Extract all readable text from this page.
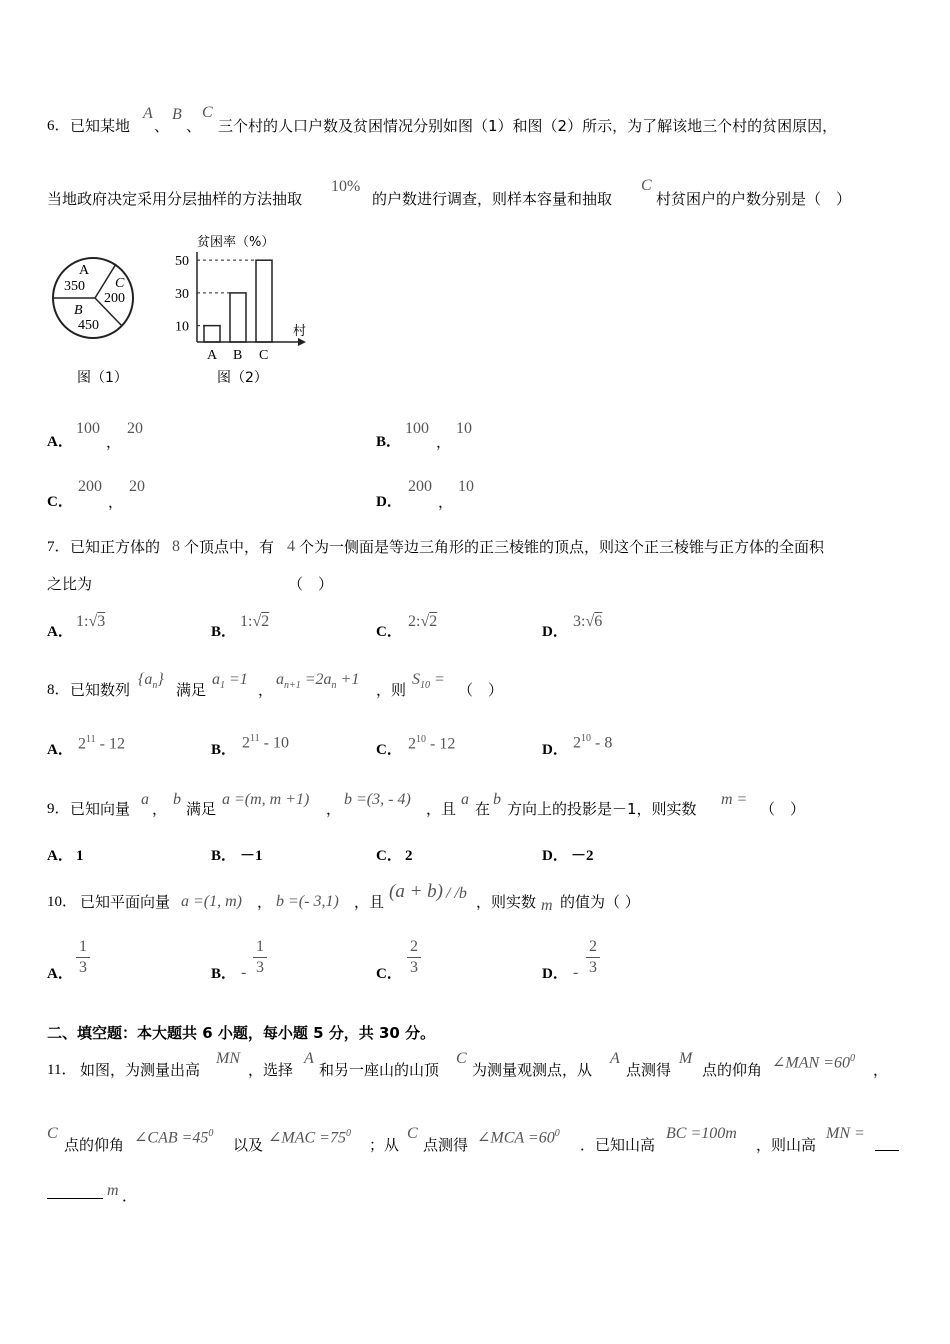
6． 已知某地
A
、
B
、
C
三个村的人口户数及贫困情况分别如图（1）和图（2）所示，为了解该地三个村的贫困原因，
当地政府决定采用分层抽样的方法抽取
10%
的户数进行调查，则样本容量和抽取
C
村贫困户的户数分别是（　）
A
350 C
200
B
450
图（1）
贫困率（%）
村
A B C
10
30
50
图（2）
A．
100
，
20
B．
100
，
10
C．
200
，
20
D．
200
，
10
7． 已知正方体的 8 个顶点中，有 4 个为一侧面是等边三角形的正三棱锥的顶点，则这个正三棱锥与正方体的全面积
之比为	（　）
A．
1:√3
B．
1:√2
C．
2:√2
D．
3:√6
8． 已知数列
$\{a_n\}$
满足
$a_1 =1$
，
$a_{n+1} =2a_n +1$
，则
$S_{10}$ =
（　）
A． $2^{11} - 12$	B． $2^{11} - 10$	C． $2^{10} - 12$	D． $2^{10} - 8$
9． 已知向量
a
，
b
满足
a =(m, m +1)
，
b =(3, - 4)
，且
a
在
b
方向上的投影是－1，则实数
m =
（　）
A． 1	B． －1	C． 2	D． －2
10． 已知平面向量 a =(1, m) ， b =(- 3,1) ，且 (a + b) / /b ，则实数 m 的值为（ ）
A．
1
3	B． -
1
3	C．
2
3	D． -
2
3
二、填空题：本大题共 6 小题，每小题 5 分，共 30 分。
11． 如图，为测量出高
MN
，选择
A
和另一座山的山顶
C
为测量观测点，从
A
点测得
M
点的仰角 ∠MAN $=60^0$
，
C
点的仰角 ∠CAB $=45^0$
以及 ∠MAC $=75^0$
；从
C
点测得 ∠MCA $=60^0$
．已知山高
BC =100m
，则山高
MN =
m ．
